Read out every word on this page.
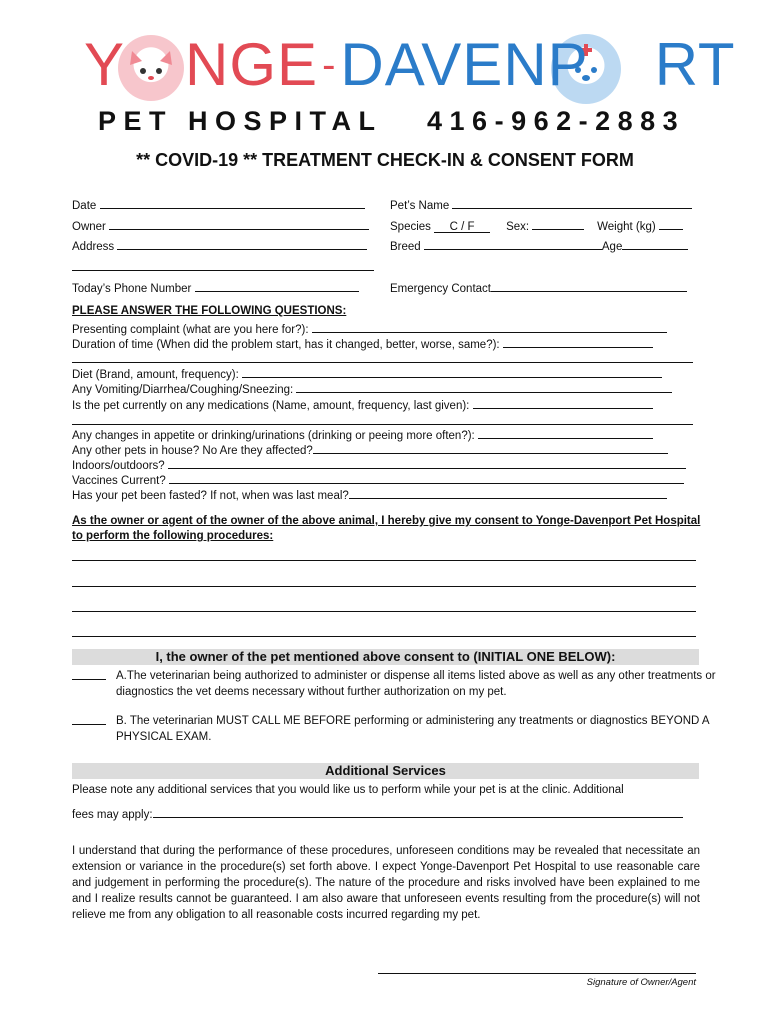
Y NGE -DAVENP RT
PET HOSPITAL   416-962-2883
** COVID-19 ** TREATMENT CHECK-IN & CONSENT FORM
Date
Owner
Address
Today’s Phone Number
Pet’s Name
Species C / F	Sex:	Weight (kg)
Breed	Age
Emergency Contact
PLEASE ANSWER THE FOLLOWING QUESTIONS:
Presenting complaint (what are you here for?):
Duration of time (When did the problem start, has it changed, better, worse, same?):
Diet (Brand, amount, frequency):
Any Vomiting/Diarrhea/Coughing/Sneezing:
Is the pet currently on any medications (Name, amount, frequency, last given):
Any changes in appetite or drinking/urinations (drinking or peeing more often?):
Any other pets in house? No Are they affected?
Indoors/outdoors?
Vaccines Current?
Has your pet been fasted? If not, when was last meal?
As the owner or agent of the owner of the above animal, I hereby give my consent to Yonge-Davenport Pet Hospital to perform the following procedures:
I, the owner of the pet mentioned above consent to (INITIAL ONE BELOW):
A.The veterinarian being authorized to administer or dispense all items listed above as well as any other treatments or diagnostics the vet deems necessary without further authorization on my pet.
B. The veterinarian MUST CALL ME BEFORE performing or administering any treatments or diagnostics BEYOND A PHYSICAL EXAM.
Additional Services
Please note any additional services that you would like us to perform while your pet is at the clinic. Additional
fees may apply:
I understand that during the performance of these procedures, unforeseen conditions may be revealed that necessitate an extension or variance in the procedure(s) set forth above. I expect Yonge-Davenport Pet Hospital to use reasonable care and judgement in performing the procedure(s). The nature of the procedure and risks involved have been explained to me and I realize results cannot be guaranteed. I am also aware that unforeseen events resulting from the procedure(s) will not relieve me from any obligation to all reasonable costs incurred regarding my pet.
Signature of Owner/Agent
